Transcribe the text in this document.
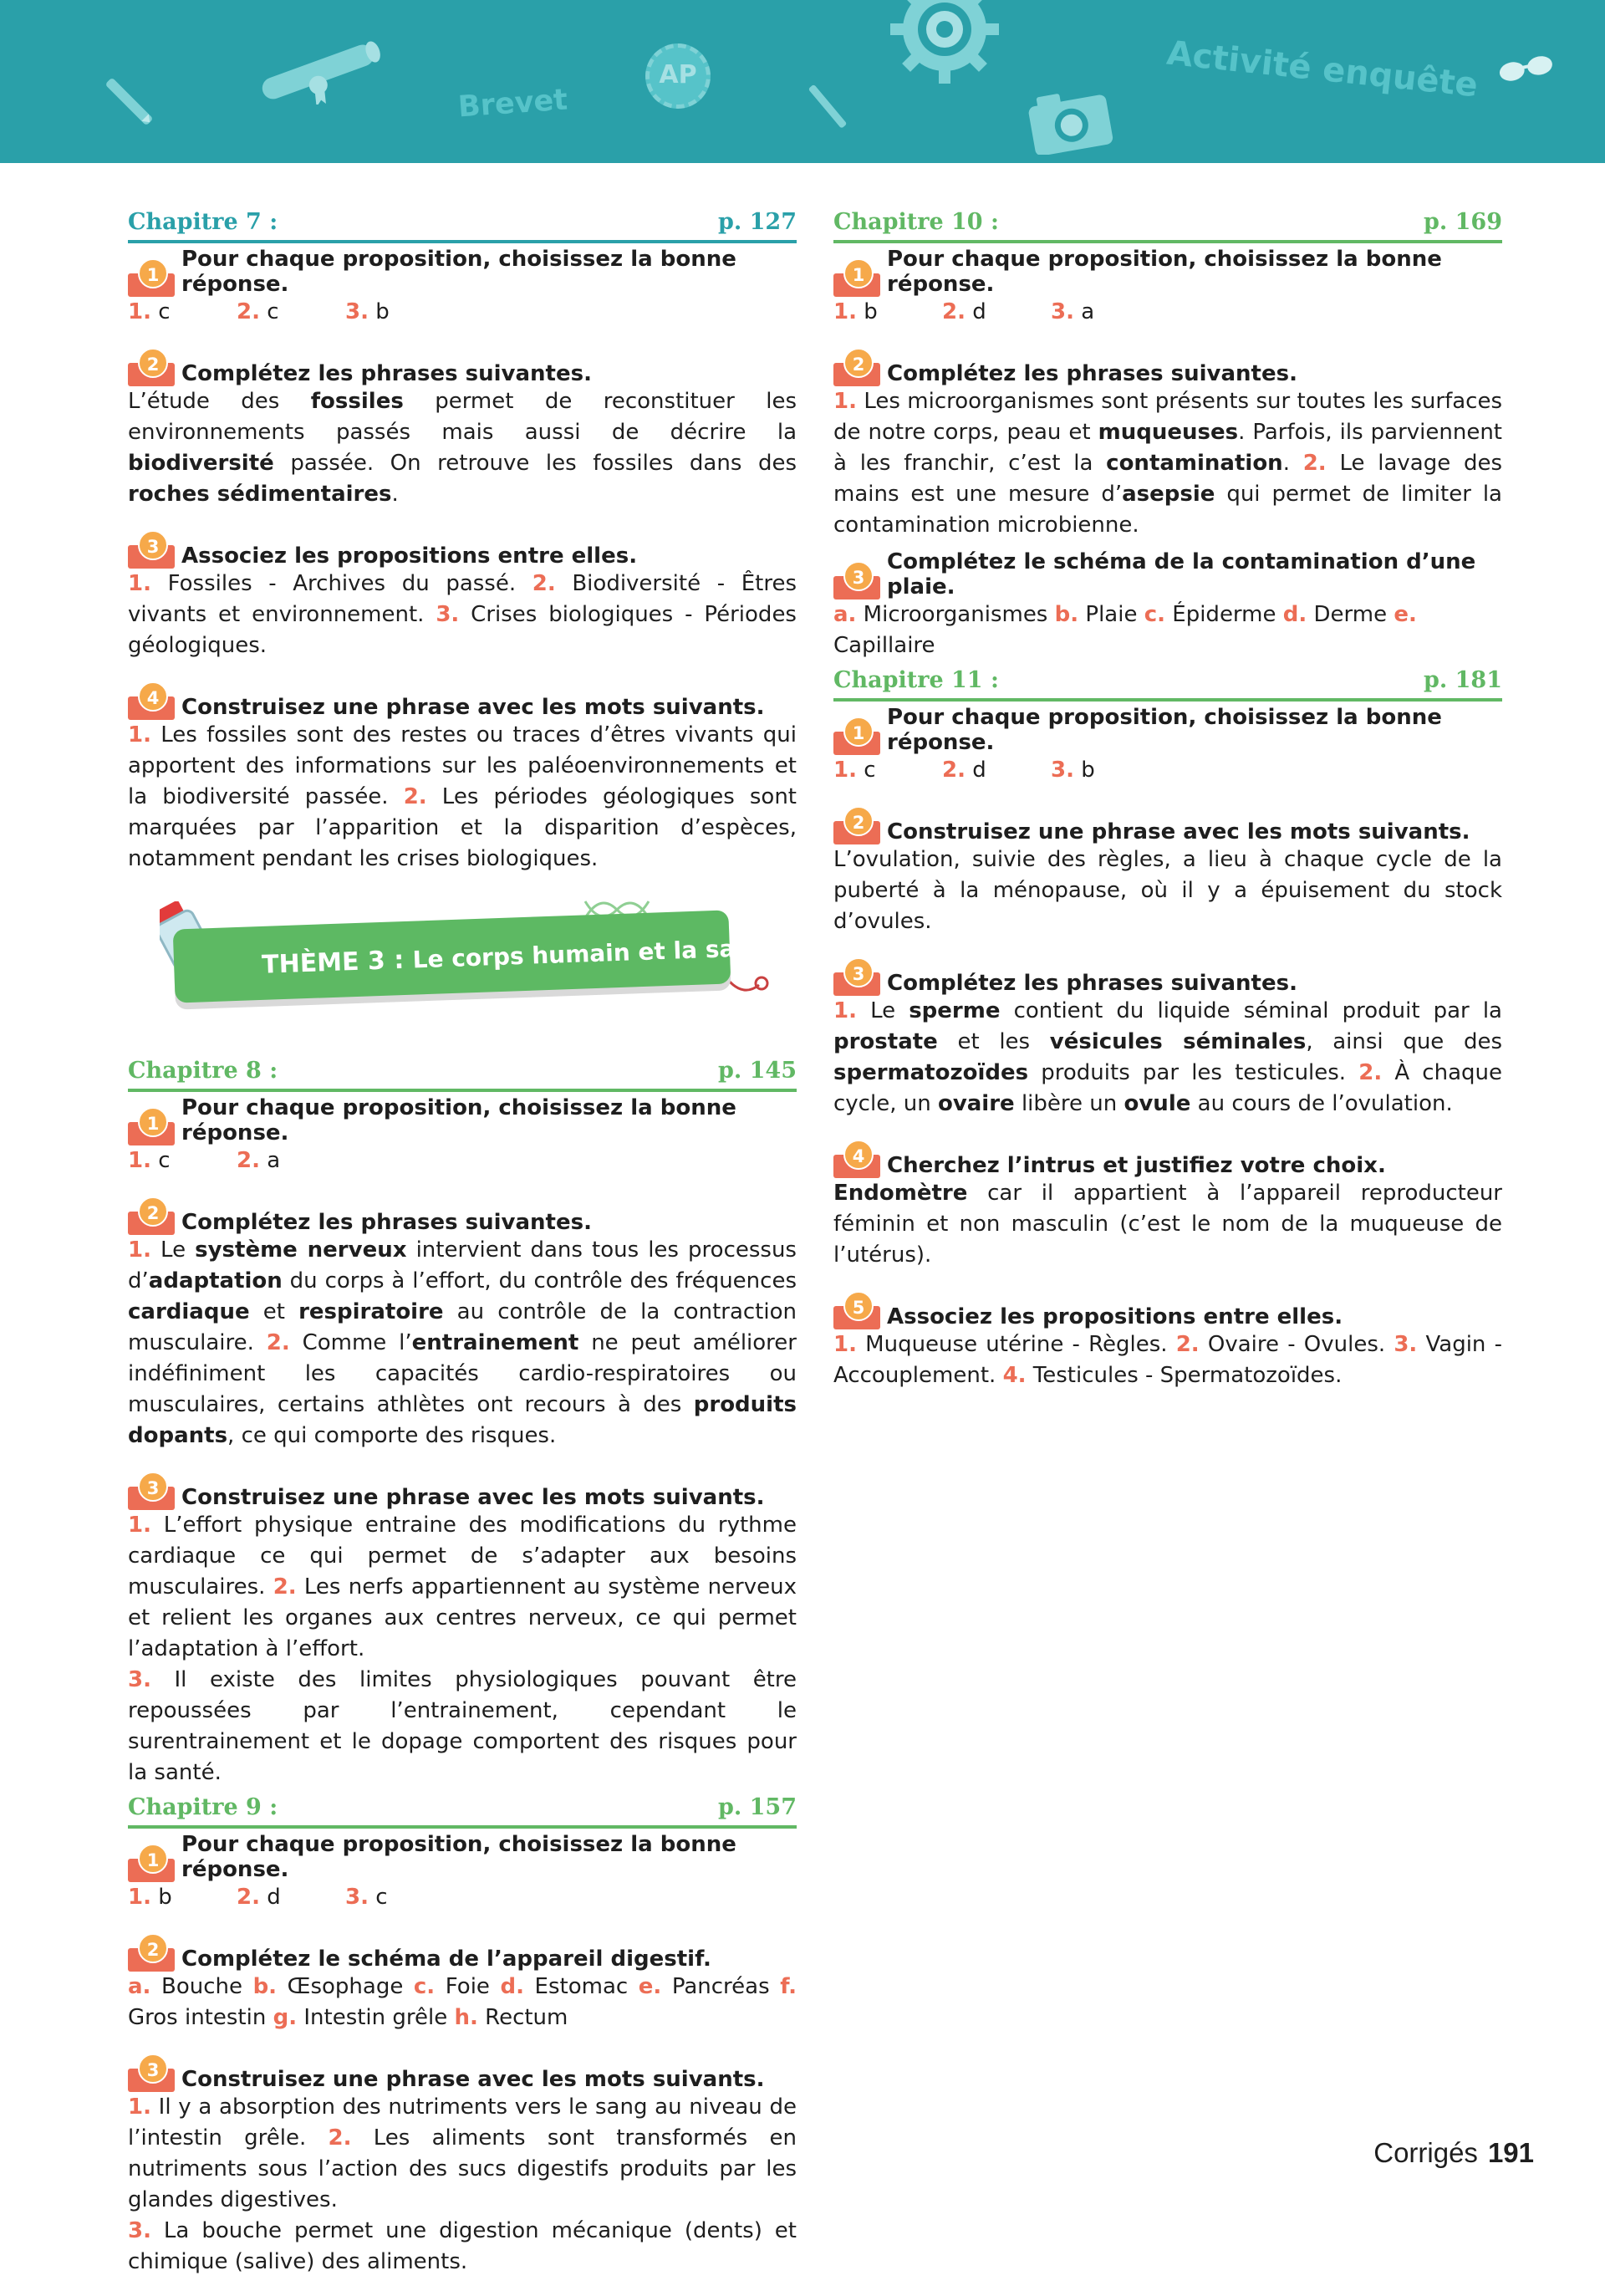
Brevet
AP	Activité enquête
Chapitre 7 :	p. 127
1
Pour chaque proposition, choisissez la bonne réponse.
1. c	2. c	3. b
2	Complétez les phrases suivantes.

L’étude des fossiles permet de reconstituer les environnements passés mais aussi de décrire la biodiversité passée. On retrouve les fossiles dans des roches sédimentaires.

3	Associez les propositions entre elles.

1. Fossiles - Archives du passé. 2. Biodiversité - Êtres vivants et environnement. 3. Crises biologiques - Périodes géologiques.

4	Construisez une phrase avec les mots suivants.

1. Les fossiles sont des restes ou traces d’êtres vivants qui apportent des informations sur les paléoenvironnements et la biodiversité passée. 2. Les périodes géologiques sont marquées par l’apparition et la disparition d’espèces, notamment pendant les crises biologiques.

THÈME 3 : Le corps humain et la santé
Chapitre 8 :	p. 145
1
Pour chaque proposition, choisissez la bonne réponse.
1. c	2. a
2	Complétez les phrases suivantes.

1. Le système nerveux intervient dans tous les processus d’adaptation du corps à l’effort, du contrôle des fréquences cardiaque et respiratoire au contrôle de la contraction musculaire. 2. Comme l’entrainement ne peut améliorer indéfiniment les capacités cardio-respiratoires ou musculaires, certains athlètes ont recours à des produits dopants, ce qui comporte des risques.

3	Construisez une phrase avec les mots suivants.

1. L’effort physique entraine des modifications du rythme cardiaque ce qui permet de s’adapter aux besoins musculaires. 2. Les nerfs appartiennent au système nerveux et relient les organes aux centres nerveux, ce qui permet l’adaptation à l’effort.
3. Il existe des limites physiologiques pouvant être repoussées par l’entrainement, cependant le surentrainement et le dopage comportent des risques pour la santé.

Chapitre 9 :	p. 157
1
Pour chaque proposition, choisissez la bonne réponse.
1. b	2. d	3. c
2	Complétez le schéma de l’appareil digestif.

a. Bouche b. Œsophage c. Foie d. Estomac e. Pancréas f. Gros intestin g. Intestin grêle h. Rectum

3	Construisez une phrase avec les mots suivants.

1. Il y a absorption des nutriments vers le sang au niveau de l’intestin grêle. 2. Les aliments sont transformés en nutriments sous l’action des sucs digestifs produits par les glandes digestives.
3. La bouche permet une digestion mécanique (dents) et chimique (salive) des aliments.

Chapitre 10 :	p. 169
1
Pour chaque proposition, choisissez la bonne réponse.
1. b	2. d	3. a
2	Complétez les phrases suivantes.

1. Les microorganismes sont présents sur toutes les surfaces de notre corps, peau et muqueuses. Parfois, ils parviennent à les franchir, c’est la contamination. 2. Le lavage des mains est une mesure d’asepsie qui permet de limiter la contamination microbienne.

3
Complétez le schéma de la contamination d’une plaie.

a. Microorganismes b. Plaie c. Épiderme d. Derme e. Capillaire

Chapitre 11 :	p. 181
1
Pour chaque proposition, choisissez la bonne réponse.
1. c	2. d	3. b
2	Construisez une phrase avec les mots suivants.

L’ovulation, suivie des règles, a lieu à chaque cycle de la puberté à la ménopause, où il y a épuisement du stock d’ovules.

3	Complétez les phrases suivantes.

1. Le sperme contient du liquide séminal produit par la prostate et les vésicules séminales, ainsi que des spermatozoïdes produits par les testicules. 2. À chaque cycle, un ovaire libère un ovule au cours de l’ovulation.

4	Cherchez l’intrus et justifiez votre choix.

Endomètre car il appartient à l’appareil reproducteur féminin et non masculin (c’est le nom de la muqueuse de l’utérus).

5	Associez les propositions entre elles.

1. Muqueuse utérine - Règles. 2. Ovaire - Ovules. 3. Vagin - Accouplement. 4. Testicules - Spermatozoïdes.

Corrigés 191
